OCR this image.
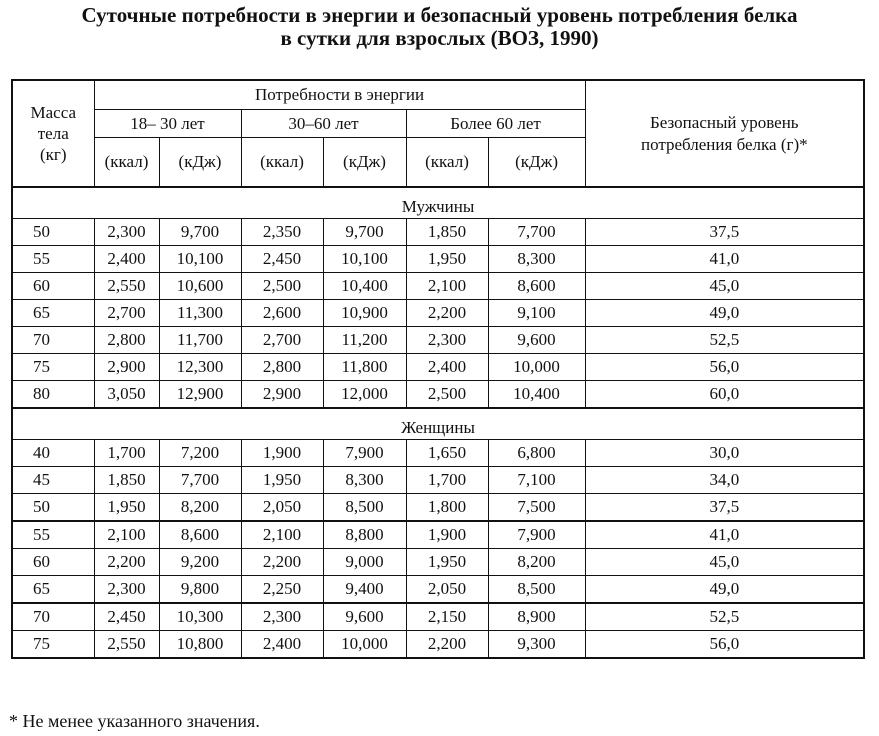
Суточные потребности в энергии и безопасный уровень потребления белка
в сутки для взрослых (ВОЗ, 1990)
Масса
тела
(кг)	Потребности в энергии						Безопасный уровень
потребления белка (г)*
	18– 30 лет		30–60 лет		Более 60 лет		
	(ккал)	(кДж)	(ккал)	(кДж)	(ккал)	(кДж)	
Мужчины							
50	2,300	9,700	2,350	9,700	1,850	7,700	37,5
55	2,400	10,100	2,450	10,100	1,950	8,300	41,0
60	2,550	10,600	2,500	10,400	2,100	8,600	45,0
65	2,700	11,300	2,600	10,900	2,200	9,100	49,0
70	2,800	11,700	2,700	11,200	2,300	9,600	52,5
75	2,900	12,300	2,800	11,800	2,400	10,000	56,0
80	3,050	12,900	2,900	12,000	2,500	10,400	60,0
Женщины							
40	1,700	7,200	1,900	7,900	1,650	6,800	30,0
45	1,850	7,700	1,950	8,300	1,700	7,100	34,0
50	1,950	8,200	2,050	8,500	1,800	7,500	37,5
55	2,100	8,600	2,100	8,800	1,900	7,900	41,0
60	2,200	9,200	2,200	9,000	1,950	8,200	45,0
65	2,300	9,800	2,250	9,400	2,050	8,500	49,0
70	2,450	10,300	2,300	9,600	2,150	8,900	52,5
75	2,550	10,800	2,400	10,000	2,200	9,300	56,0

* Не менее указанного значения.
